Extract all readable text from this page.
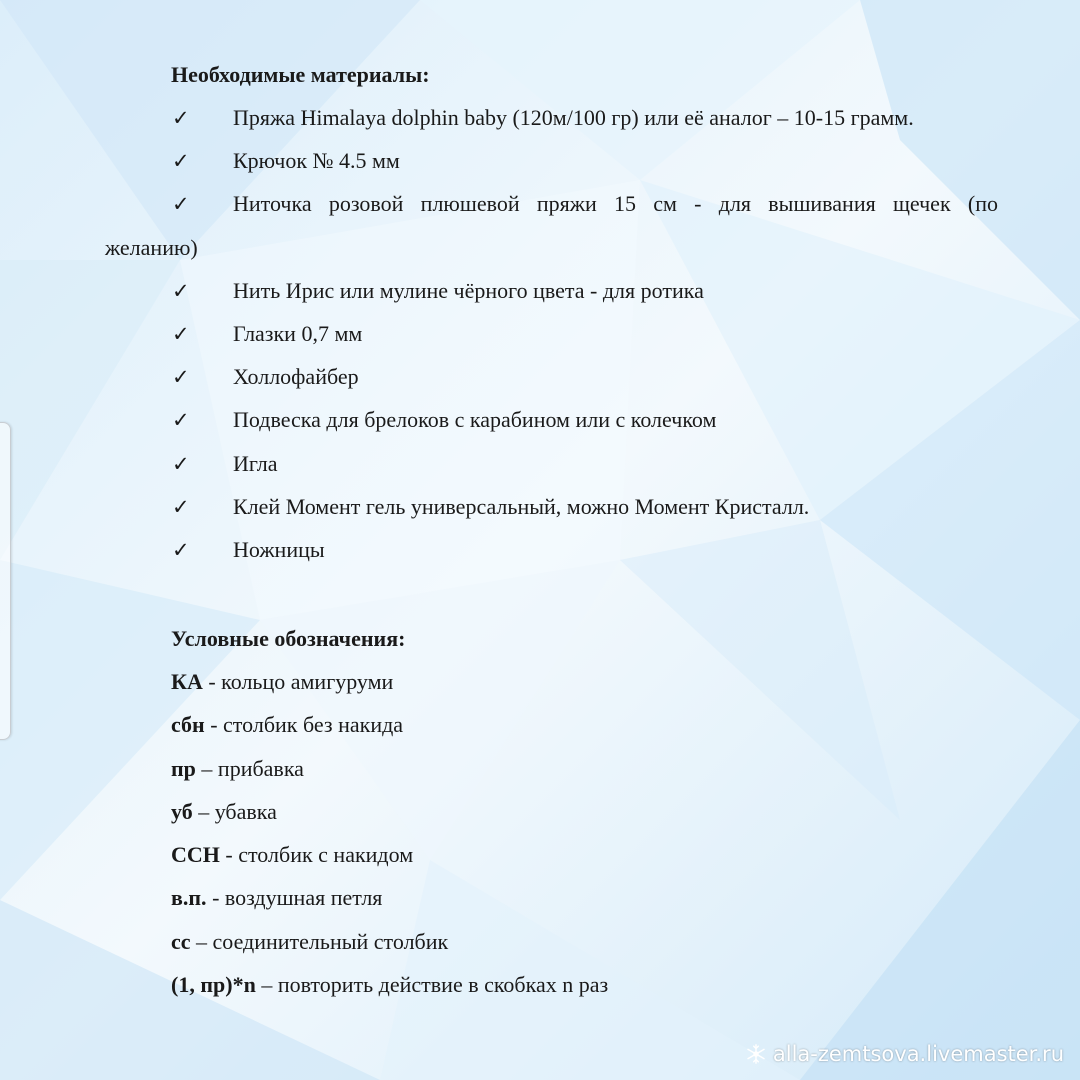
Необходимые материалы:
✓ Пряжа Himalaya dolphin baby (120м/100 гр) или её аналог – 10-15 грамм.
✓ Крючок № 4.5 мм
✓ Ниточка розовой плюшевой пряжи 15 см - для вышивания щечек (по
желанию)
✓ Нить Ирис или мулине чёрного цвета - для ротика
✓ Глазки 0,7 мм
✓ Холлофайбер
✓ Подвеска для брелоков с карабином или с колечком
✓ Игла
✓ Клей Момент гель универсальный, можно Момент Кристалл.
✓ Ножницы
Условные обозначения:
КА - кольцо амигуруми
сбн - столбик без накида
пр – прибавка
уб – убавка
ССН - столбик с накидом
в.п. - воздушная петля
сс – соединительный столбик
(1, пр)*n – повторить действие в скобках n раз
alla-zemtsova.livemaster.ru
